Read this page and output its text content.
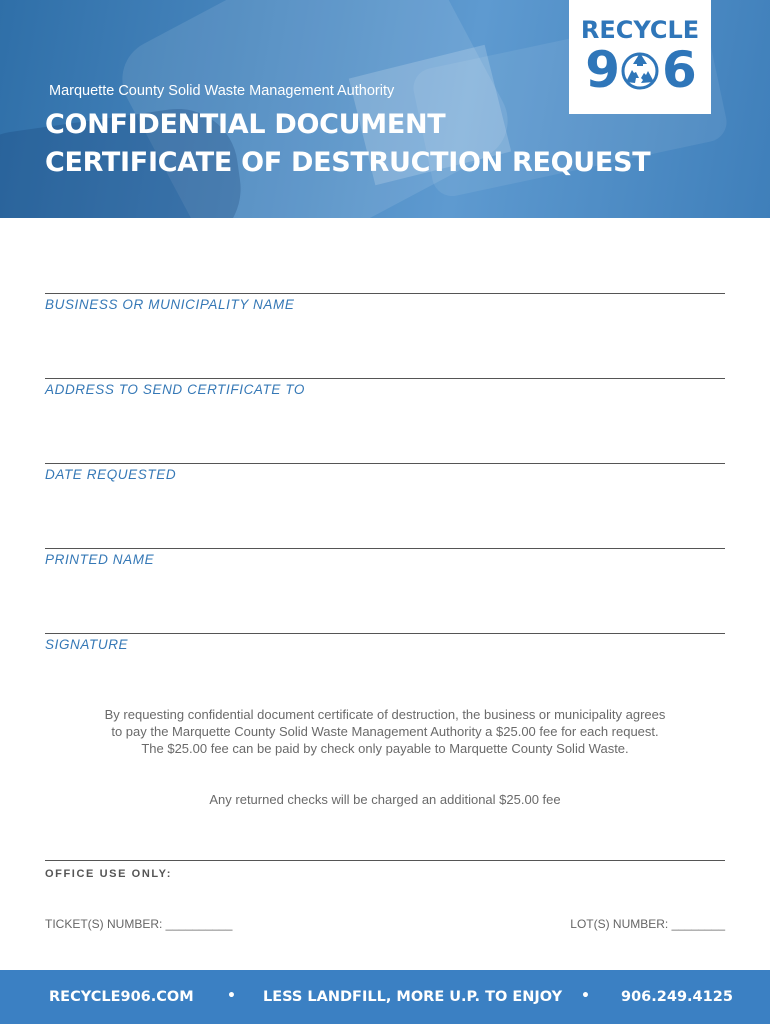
Marquette County Solid Waste Management Authority
CONFIDENTIAL DOCUMENT
CERTIFICATE OF DESTRUCTION REQUEST
RECYCLE
9 6
BUSINESS OR MUNICIPALITY NAME
ADDRESS TO SEND CERTIFICATE TO
DATE REQUESTED
PRINTED NAME
SIGNATURE
By requesting confidential document certificate of destruction, the business or municipality agrees
to pay the Marquette County Solid Waste Management Authority a $25.00 fee for each request.
The $25.00 fee can be paid by check only payable to Marquette County Solid Waste.
Any returned checks will be charged an additional $25.00 fee
OFFICE USE ONLY:
TICKET(S) NUMBER: __________	LOT(S) NUMBER: ________
RECYCLE906.COM • LESS LANDFILL, MORE U.P. TO ENJOY • 906.249.4125
